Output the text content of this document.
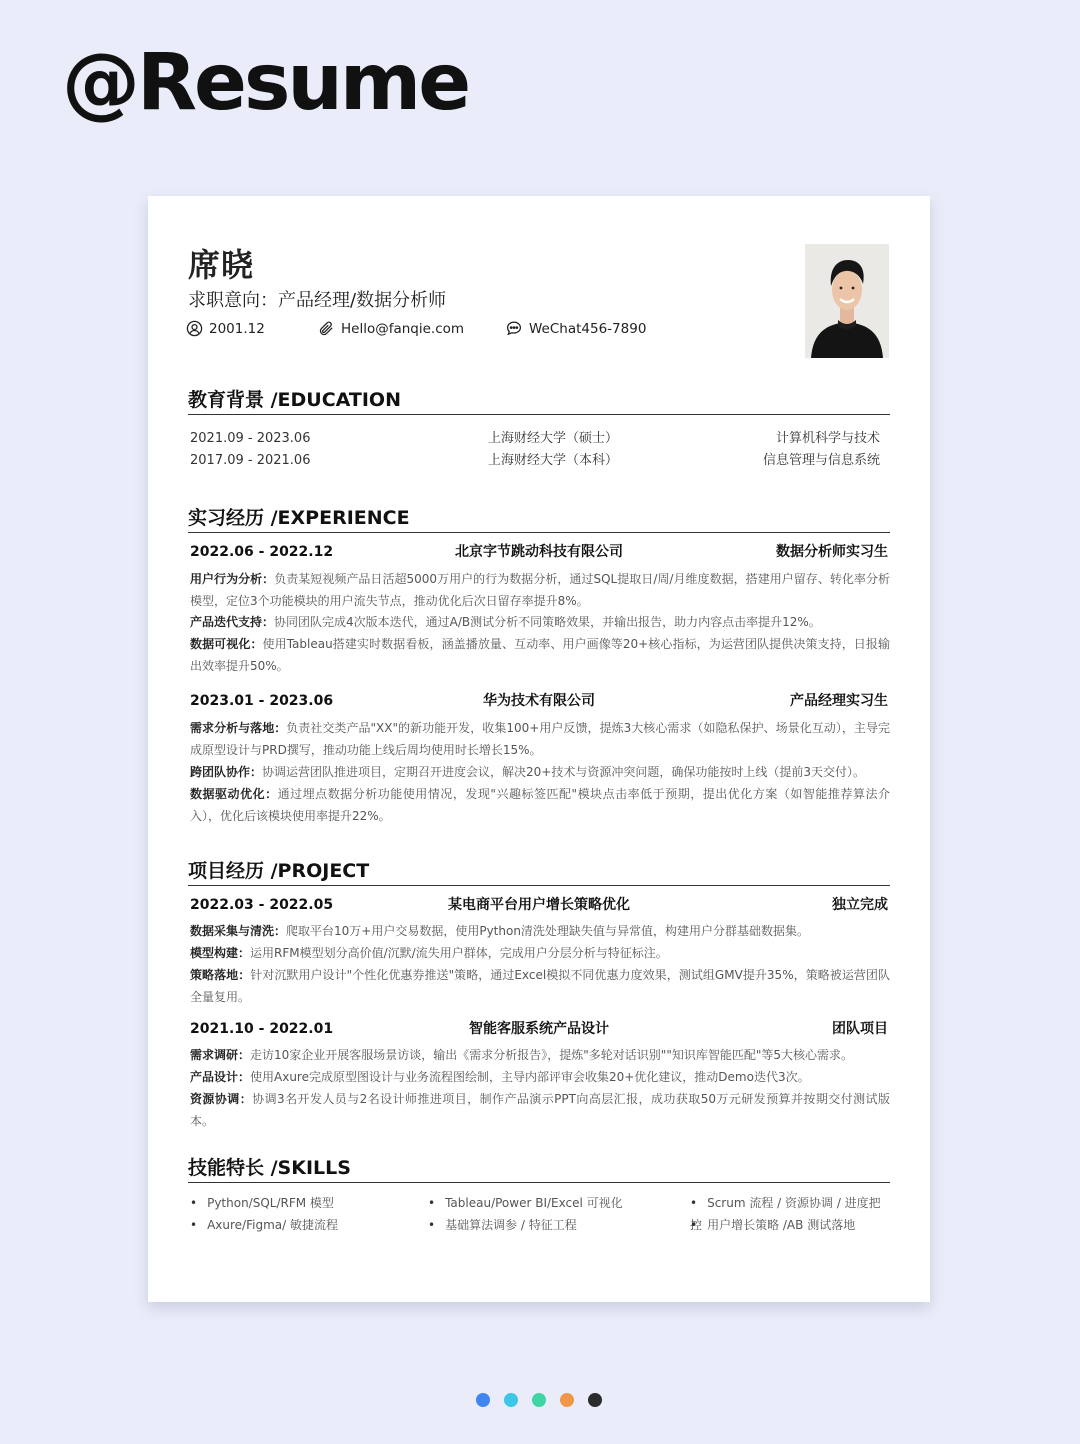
@Resume
席晓
求职意向：产品经理/数据分析师
2001.12	Hello@fanqie.com	WeChat456-7890
教育背景 /EDUCATION
2021.09 - 2023.06	上海财经大学（硕士）	计算机科学与技术
2017.09 - 2021.06	上海财经大学（本科）	信息管理与信息系统
实习经历 /EXPERIENCE
2022.06 - 2022.12	北京字节跳动科技有限公司	数据分析师实习生

用户行为分析：负责某短视频产品日活超5000万用户的行为数据分析，通过SQL提取日/周/月维度数据，搭建用户留存、转化率分析模型，定位3个功能模块的用户流失节点，推动优化后次日留存率提升8%。

产品迭代支持：协同团队完成4次版本迭代，通过A/B测试分析不同策略效果，并输出报告，助力内容点击率提升12%。

数据可视化：使用Tableau搭建实时数据看板，涵盖播放量、互动率、用户画像等20+核心指标，为运营团队提供决策支持，日报输出效率提升50%。

2023.01 - 2023.06	华为技术有限公司	产品经理实习生

需求分析与落地：负责社交类产品"XX"的新功能开发，收集100+用户反馈，提炼3大核心需求（如隐私保护、场景化互动），主导完成原型设计与PRD撰写，推动功能上线后周均使用时长增长15%。

跨团队协作：协调运营团队推进项目，定期召开进度会议，解决20+技术与资源冲突问题，确保功能按时上线（提前3天交付）。

数据驱动优化：通过埋点数据分析功能使用情况，发现"兴趣标签匹配"模块点击率低于预期，提出优化方案（如智能推荐算法介入），优化后该模块使用率提升22%。

项目经历 /PROJECT
2022.03 - 2022.05	某电商平台用户增长策略优化	独立完成

数据采集与清洗：爬取平台10万+用户交易数据，使用Python清洗处理缺失值与异常值，构建用户分群基础数据集。

模型构建：运用RFM模型划分高价值/沉默/流失用户群体，完成用户分层分析与特征标注。

策略落地：针对沉默用户设计"个性化优惠券推送"策略，通过Excel模拟不同优惠力度效果，测试组GMV提升35%，策略被运营团队全量复用。

2021.10 - 2022.01	智能客服系统产品设计	团队项目

需求调研：走访10家企业开展客服场景访谈，输出《需求分析报告》，提炼"多轮对话识别""知识库智能匹配"等5大核心需求。

产品设计：使用Axure完成原型图设计与业务流程图绘制，主导内部评审会收集20+优化建议，推动Demo迭代3次。

资源协调：协调3名开发人员与2名设计师推进项目，制作产品演示PPT向高层汇报，成功获取50万元研发预算并按期交付测试版本。

技能特长 /SKILLS
• Python/SQL/RFM 模型	• Tableau/Power BI/Excel 可视化	• Scrum 流程 / 资源协调 / 进度把控
• Axure/Figma/ 敏捷流程	• 基础算法调参 / 特征工程	• 用户增长策略 /AB 测试落地
